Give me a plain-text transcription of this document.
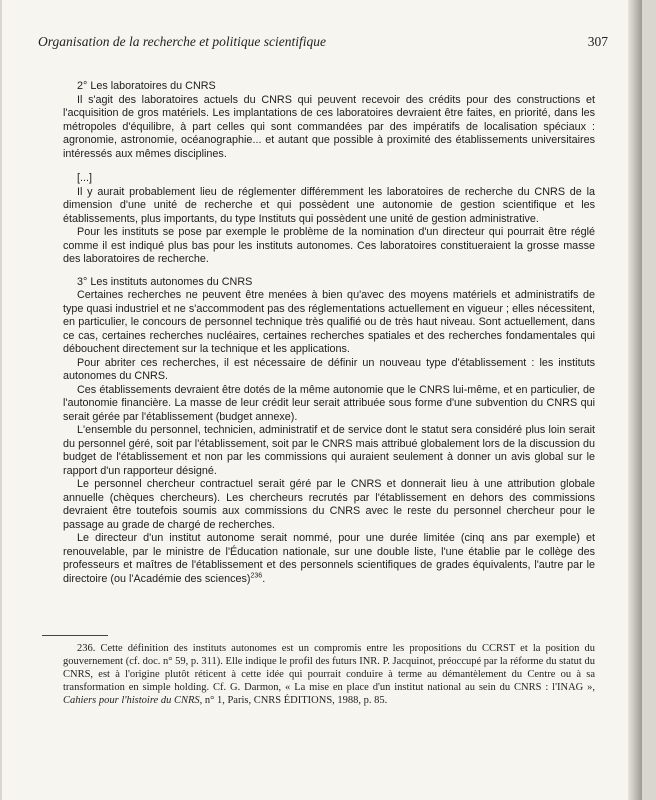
Organisation de la recherche et politique scientifique	307

2° Les laboratoires du CNRS

Il s'agit des laboratoires actuels du CNRS qui peuvent recevoir des crédits pour des constructions et l'acquisition de gros matériels. Les implantations de ces laboratoires devraient être faites, en priorité, dans les métropoles d'équilibre, à part celles qui sont commandées par des impératifs de localisation spéciaux : agronomie, astronomie, océanographie... et autant que possible à proximité des établissements universitaires intéressés aux mêmes disciplines.

[...]

Il y aurait probablement lieu de réglementer différemment les laboratoires de recherche du CNRS de la dimension d'une unité de recherche et qui possèdent une autonomie de gestion scientifique et les établissements, plus importants, du type Instituts qui possèdent une unité de gestion administrative.

Pour les instituts se pose par exemple le problème de la nomination d'un directeur qui pourrait être réglé comme il est indiqué plus bas pour les instituts autonomes. Ces laboratoires constitueraient la grosse masse des laboratoires de recherche.

3° Les instituts autonomes du CNRS

Certaines recherches ne peuvent être menées à bien qu'avec des moyens matériels et administratifs de type quasi industriel et ne s'accommodent pas des réglementations actuellement en vigueur ; elles nécessitent, en particulier, le concours de personnel technique très qualifié ou de très haut niveau. Sont actuellement, dans ce cas, certaines recherches nucléaires, certaines recherches spatiales et des recherches fondamentales qui débouchent directement sur la technique et les applications.

Pour abriter ces recherches, il est nécessaire de définir un nouveau type d'établissement : les instituts autonomes du CNRS.

Ces établissements devraient être dotés de la même autonomie que le CNRS lui-même, et en particulier, de l'autonomie financière. La masse de leur crédit leur serait attribuée sous forme d'une subvention du CNRS qui serait gérée par l'établissement (budget annexe).

L'ensemble du personnel, technicien, administratif et de service dont le statut sera considéré plus loin serait du personnel géré, soit par l'établissement, soit par le CNRS mais attribué globalement lors de la discussion du budget de l'établissement et non par les commissions qui auraient seulement à donner un avis global sur le rapport d'un rapporteur désigné.

Le personnel chercheur contractuel serait géré par le CNRS et donnerait lieu à une attribution globale annuelle (chèques chercheurs). Les chercheurs recrutés par l'établissement en dehors des commissions devraient être toutefois soumis aux commissions du CNRS avec le reste du personnel chercheur pour le passage au grade de chargé de recherches.

Le directeur d'un institut autonome serait nommé, pour une durée limitée (cinq ans par exemple) et renouvelable, par le ministre de l'Éducation nationale, sur une double liste, l'une établie par le collège des professeurs et maîtres de l'établissement et des personnels scientifiques de grades équivalents, l'autre par le directoire (ou l'Académie des sciences)$^{236}$.

236. Cette définition des instituts autonomes est un compromis entre les propositions du CCRST et la position du gouvernement (cf. doc. n° 59, p. 311). Elle indique le profil des futurs INR. P. Jacquinot, préoccupé par la réforme du statut du CNRS, est à l'origine plutôt réticent à cette idée qui pourrait conduire à terme au démantèlement du Centre ou à sa transformation en simple holding. Cf. G. Darmon, « La mise en place d'un institut national au sein du CNRS : l'INAG », Cahiers pour l'histoire du CNRS, n° 1, Paris, CNRS ÉDITIONS, 1988, p. 85.
